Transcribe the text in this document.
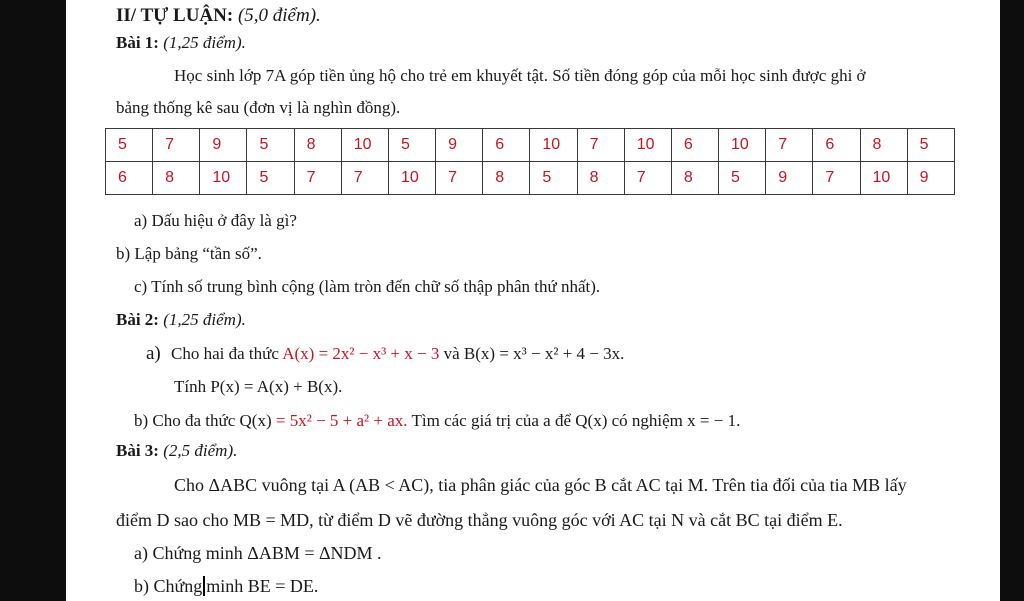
II/ TỰ LUẬN: (5,0 điểm).
Bài 1: (1,25 điểm).
Học sinh lớp 7A góp tiền ủng hộ cho trẻ em khuyết tật. Số tiền đóng góp của mỗi học sinh được ghi ở
bảng thống kê sau (đơn vị là nghìn đồng).
5	7	9	5	8	10	5	9	6	10	7	10	6	10	7	6	8	5
6	8	10	5	7	7	10	7	8	5	8	7	8	5	9	7	10	9
a) Dấu hiệu ở đây là gì?
b) Lập bảng “tần số”.
c) Tính số trung bình cộng (làm tròn đến chữ số thập phân thứ nhất).
Bài 2: (1,25 điểm).
a) Cho hai đa thức A(x) = 2x² − x³ + x − 3 và B(x) = x³ − x² + 4 − 3x.
Tính P(x) = A(x) + B(x).
b) Cho đa thức Q(x) = 5x² − 5 + a² + ax. Tìm các giá trị của a để Q(x) có nghiệm x = − 1.
Bài 3: (2,5 điểm).
Cho ΔABC vuông tại A (AB < AC), tia phân giác của góc B cắt AC tại M. Trên tia đối của tia MB lấy
điểm D sao cho MB = MD, từ điểm D vẽ đường thẳng vuông góc với AC tại N và cắt BC tại điểm E.
a) Chứng minh ΔABM = ΔNDM .
b) Chứng minh BE = DE.
